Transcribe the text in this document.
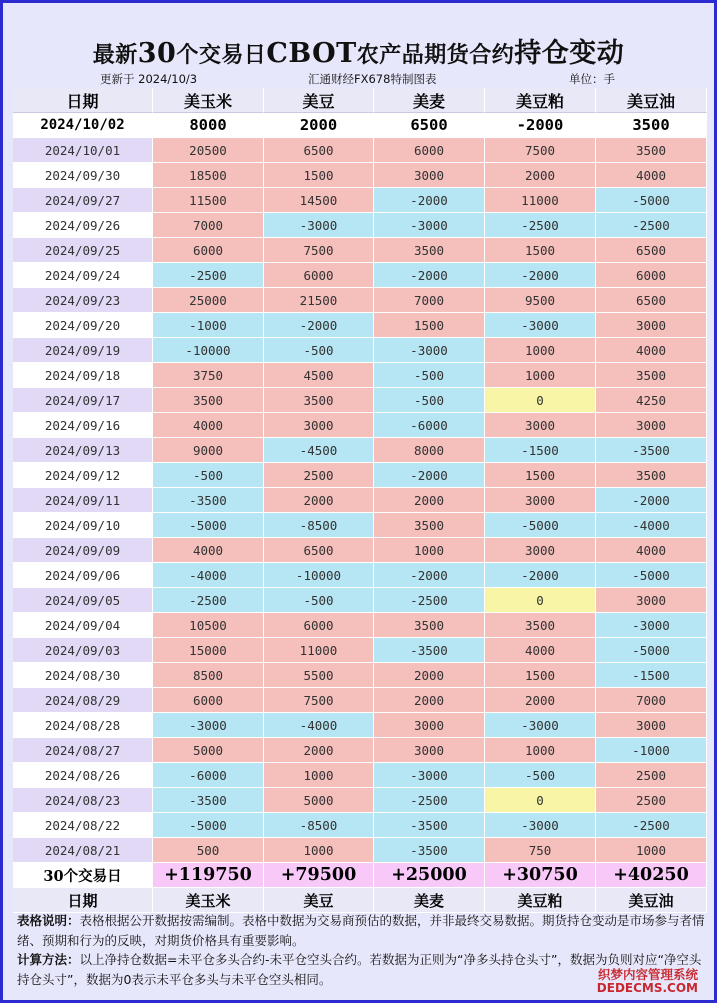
最新30个交易日CBOT农产品期货合约持仓变动
更新于 2024/10/3	汇通财经FX678特制图表	单位：手
日期	美玉米	美豆	美麦	美豆粕	美豆油
2024/10/02	8000	2000	6500	-2000	3500
2024/10/01	20500	6500	6000	7500	3500
2024/09/30	18500	1500	3000	2000	4000
2024/09/27	11500	14500	-2000	11000	-5000
2024/09/26	7000	-3000	-3000	-2500	-2500
2024/09/25	6000	7500	3500	1500	6500
2024/09/24	-2500	6000	-2000	-2000	6000
2024/09/23	25000	21500	7000	9500	6500
2024/09/20	-1000	-2000	1500	-3000	3000
2024/09/19	-10000	-500	-3000	1000	4000
2024/09/18	3750	4500	-500	1000	3500
2024/09/17	3500	3500	-500	0	4250
2024/09/16	4000	3000	-6000	3000	3000
2024/09/13	9000	-4500	8000	-1500	-3500
2024/09/12	-500	2500	-2000	1500	3500
2024/09/11	-3500	2000	2000	3000	-2000
2024/09/10	-5000	-8500	3500	-5000	-4000
2024/09/09	4000	6500	1000	3000	4000
2024/09/06	-4000	-10000	-2000	-2000	-5000
2024/09/05	-2500	-500	-2500	0	3000
2024/09/04	10500	6000	3500	3500	-3000
2024/09/03	15000	11000	-3500	4000	-5000
2024/08/30	8500	5500	2000	1500	-1500
2024/08/29	6000	7500	2000	2000	7000
2024/08/28	-3000	-4000	3000	-3000	3000
2024/08/27	5000	2000	3000	1000	-1000
2024/08/26	-6000	1000	-3000	-500	2500
2024/08/23	-3500	5000	-2500	0	2500
2024/08/22	-5000	-8500	-3500	-3000	-2500
2024/08/21	500	1000	-3500	750	1000
30个交易日	+119750	+79500	+25000	+30750	+40250
日期	美玉米	美豆	美麦	美豆粕	美豆油
表格说明：表格根据公开数据按需编制。表格中数据为交易商预估的数据，并非最终交易数据。期货持仓变动是市场参与者情绪、预期和行为的反映，对期货价格具有重要影响。
计算方法：以上净持仓数据=未平仓多头合约-未平仓空头合约。若数据为正则为“净多头持仓头寸”，数据为负则对应“净空头持仓头寸”，数据为0表示未平仓多头与未平仓空头相同。	织梦内容管理系统
DEDECMS.COM
